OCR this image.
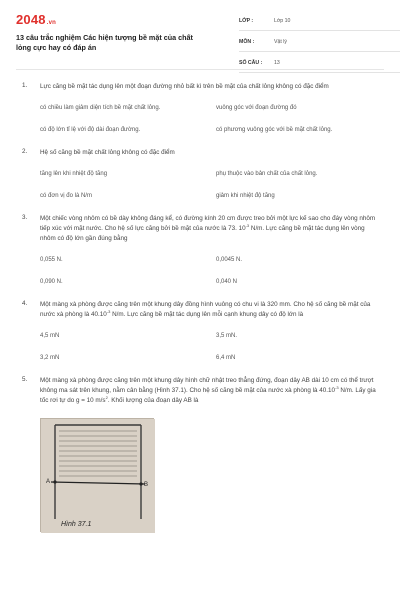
2048.vn
13 câu trắc nghiệm Các hiện tượng bề mặt của chất lỏng cực hay có đáp án
LỚP :	Lớp 10
MÔN :	Vật lý
SỐ CÂU : 13
1. Lực căng bề mặt tác dụng lên một đoạn đường nhỏ bất kì trên bề mặt của chất lỏng không có đặc điểm
có chiều làm giảm diện tích bề mặt chất lỏng.	vuông góc với đoạn đường đó
có độ lớn tỉ lệ với độ dài đoạn đường.	có phương vuông góc với bề mặt chất lỏng.
2. Hệ số căng bề mặt chất lỏng không có đặc điểm
tăng lên khi nhiệt độ tăng	phụ thuộc vào bản chất của chất lỏng.
có đơn vị đo là N/m	giảm khi nhiệt độ tăng
3. Một chiếc vòng nhôm có bề dày không đáng kể, có đường kính 20 cm được treo bởi một lực kế sao cho đáy vòng nhôm tiếp xúc với mặt nước. Cho hệ số lực căng bởi bề mặt của nước là 73. $10^{-3}$ N/m. Lực căng bề mặt tác dụng lên vòng nhôm có độ lớn gần đúng bằng
0,055 N.	0,0045 N.
0,090 N.	0,040 N
4. Một màng xà phòng được căng trên một khung dây đồng hình vuông có chu vi là 320 mm. Cho hệ số căng bề mặt của nước xà phòng là $40.10^{-3}$ N/m. Lực căng bề mặt tác dụng lên mỗi cạnh khung dây có độ lớn là
4,5 mN	3,5 mN.
3,2 mN	6,4 mN
5. Một màng xà phòng được căng trên một khung dây hình chữ nhật treo thẳng đứng, đoạn dây AB dài 10 cm có thể trượt không ma sát trên khung, nằm cân bằng (Hình 37.1). Cho hệ số căng bề mặt của nước xà phòng là $40.10^{-3}$ N/m. Lấy gia tốc rơi tự do g = 10 $m/s^2$. Khối lượng của đoạn dây AB là
A	B
Hình 37.1
